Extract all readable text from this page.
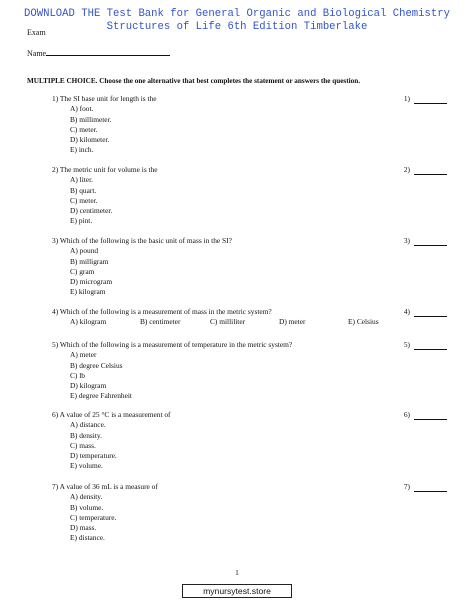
DOWNLOAD THE Test Bank for General Organic and Biological Chemistry
Structures of Life 6th Edition Timberlake
Exam
Name
MULTIPLE CHOICE. Choose the one alternative that best completes the statement or answers the question.
1) The SI base unit for length is the	1)
A) foot.
B) millimeter.
C) meter.
D) kilometer.
E) inch.
2) The metric unit for volume is the	2)
A) liter.
B) quart.
C) meter.
D) centimeter.
E) pint.
3) Which of the following is the basic unit of mass in the SI?	3)
A) pound
B) milligram
C) gram
D) microgram
E) kilogram
4) Which of the following is a measurement of mass in the metric system?	4)
A) kilogram	B) centimeter	C) milliliter	D) meter	E) Celsius
5) Which of the following is a measurement of temperature in the metric system?	5)
A) meter
B) degree Celsius
C) lb
D) kilogram
E) degree Fahrenheit
6) A value of 25 °C is a measurement of	6)
A) distance.
B) density.
C) mass.
D) temperature.
E) volume.
7) A value of 36 mL is a measure of	7)
A) density.
B) volume.
C) temperature.
D) mass.
E) distance.
1
mynursytest.store
